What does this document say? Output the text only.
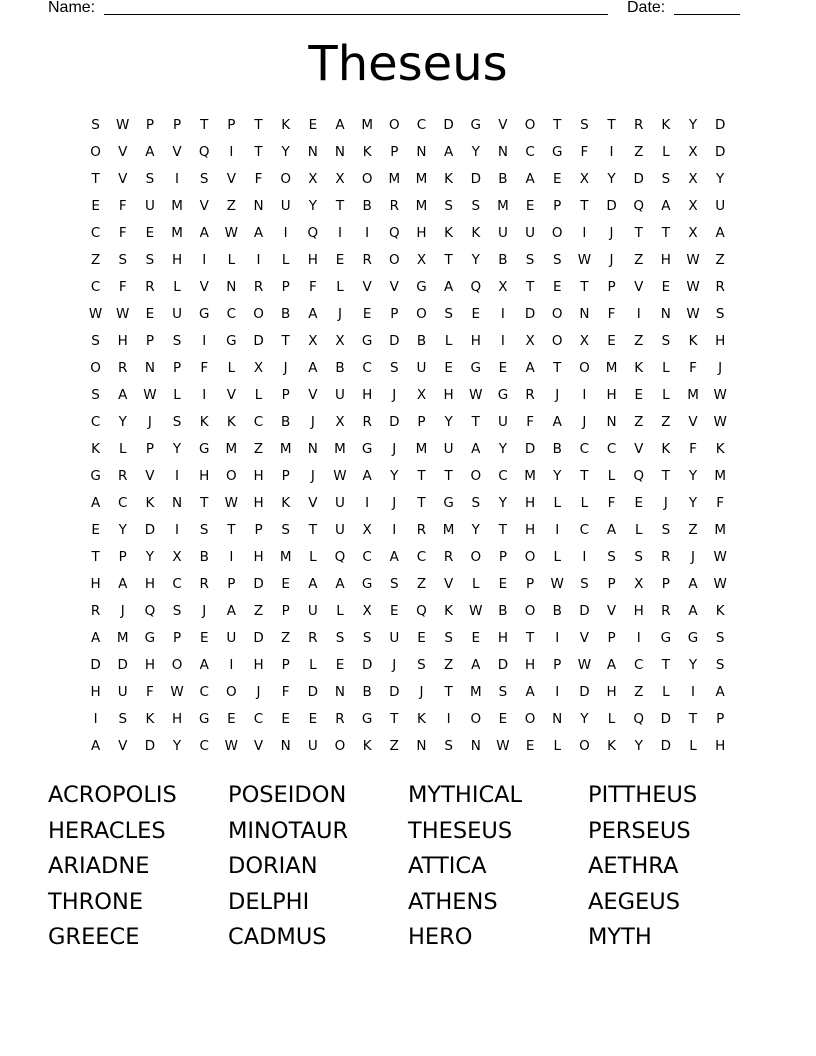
Name:	Date:
Theseus
S	W	P	P	T	P	T	K	E	A	M	O	C	D	G	V	O	T	S	T	R	K	Y	D
O	V	A	V	Q	I	T	Y	N	N	K	P	N	A	Y	N	C	G	F	I	Z	L	X	D
T	V	S	I	S	V	F	O	X	X	O	M	M	K	D	B	A	E	X	Y	D	S	X	Y
E	F	U	M	V	Z	N	U	Y	T	B	R	M	S	S	M	E	P	T	D	Q	A	X	U
C	F	E	M	A	W	A	I	Q	I	I	Q	H	K	K	U	U	O	I	J	T	T	X	A
Z	S	S	H	I	L	I	L	H	E	R	O	X	T	Y	B	S	S	W	J	Z	H	W	Z
C	F	R	L	V	N	R	P	F	L	V	V	G	A	Q	X	T	E	T	P	V	E	W	R
W	W	E	U	G	C	O	B	A	J	E	P	O	S	E	I	D	O	N	F	I	N	W	S
S	H	P	S	I	G	D	T	X	X	G	D	B	L	H	I	X	O	X	E	Z	S	K	H
O	R	N	P	F	L	X	J	A	B	C	S	U	E	G	E	A	T	O	M	K	L	F	J
S	A	W	L	I	V	L	P	V	U	H	J	X	H	W	G	R	J	I	H	E	L	M	W
C	Y	J	S	K	K	C	B	J	X	R	D	P	Y	T	U	F	A	J	N	Z	Z	V	W
K	L	P	Y	G	M	Z	M	N	M	G	J	M	U	A	Y	D	B	C	C	V	K	F	K
G	R	V	I	H	O	H	P	J	W	A	Y	T	T	O	C	M	Y	T	L	Q	T	Y	M
A	C	K	N	T	W	H	K	V	U	I	J	T	G	S	Y	H	L	L	F	E	J	Y	F
E	Y	D	I	S	T	P	S	T	U	X	I	R	M	Y	T	H	I	C	A	L	S	Z	M
T	P	Y	X	B	I	H	M	L	Q	C	A	C	R	O	P	O	L	I	S	S	R	J	W
H	A	H	C	R	P	D	E	A	A	G	S	Z	V	L	E	P	W	S	P	X	P	A	W
R	J	Q	S	J	A	Z	P	U	L	X	E	Q	K	W	B	O	B	D	V	H	R	A	K
A	M	G	P	E	U	D	Z	R	S	S	U	E	S	E	H	T	I	V	P	I	G	G	S
D	D	H	O	A	I	H	P	L	E	D	J	S	Z	A	D	H	P	W	A	C	T	Y	S
H	U	F	W	C	O	J	F	D	N	B	D	J	T	M	S	A	I	D	H	Z	L	I	A
I	S	K	H	G	E	C	E	E	R	G	T	K	I	O	E	O	N	Y	L	Q	D	T	P
A	V	D	Y	C	W	V	N	U	O	K	Z	N	S	N	W	E	L	O	K	Y	D	L	H
ACROPOLIS	POSEIDON	MYTHICAL	PITTHEUS
HERACLES	MINOTAUR	THESEUS	PERSEUS
ARIADNE	DORIAN	ATTICA	AETHRA
THRONE	DELPHI	ATHENS	AEGEUS
GREECE	CADMUS	HERO	MYTH
